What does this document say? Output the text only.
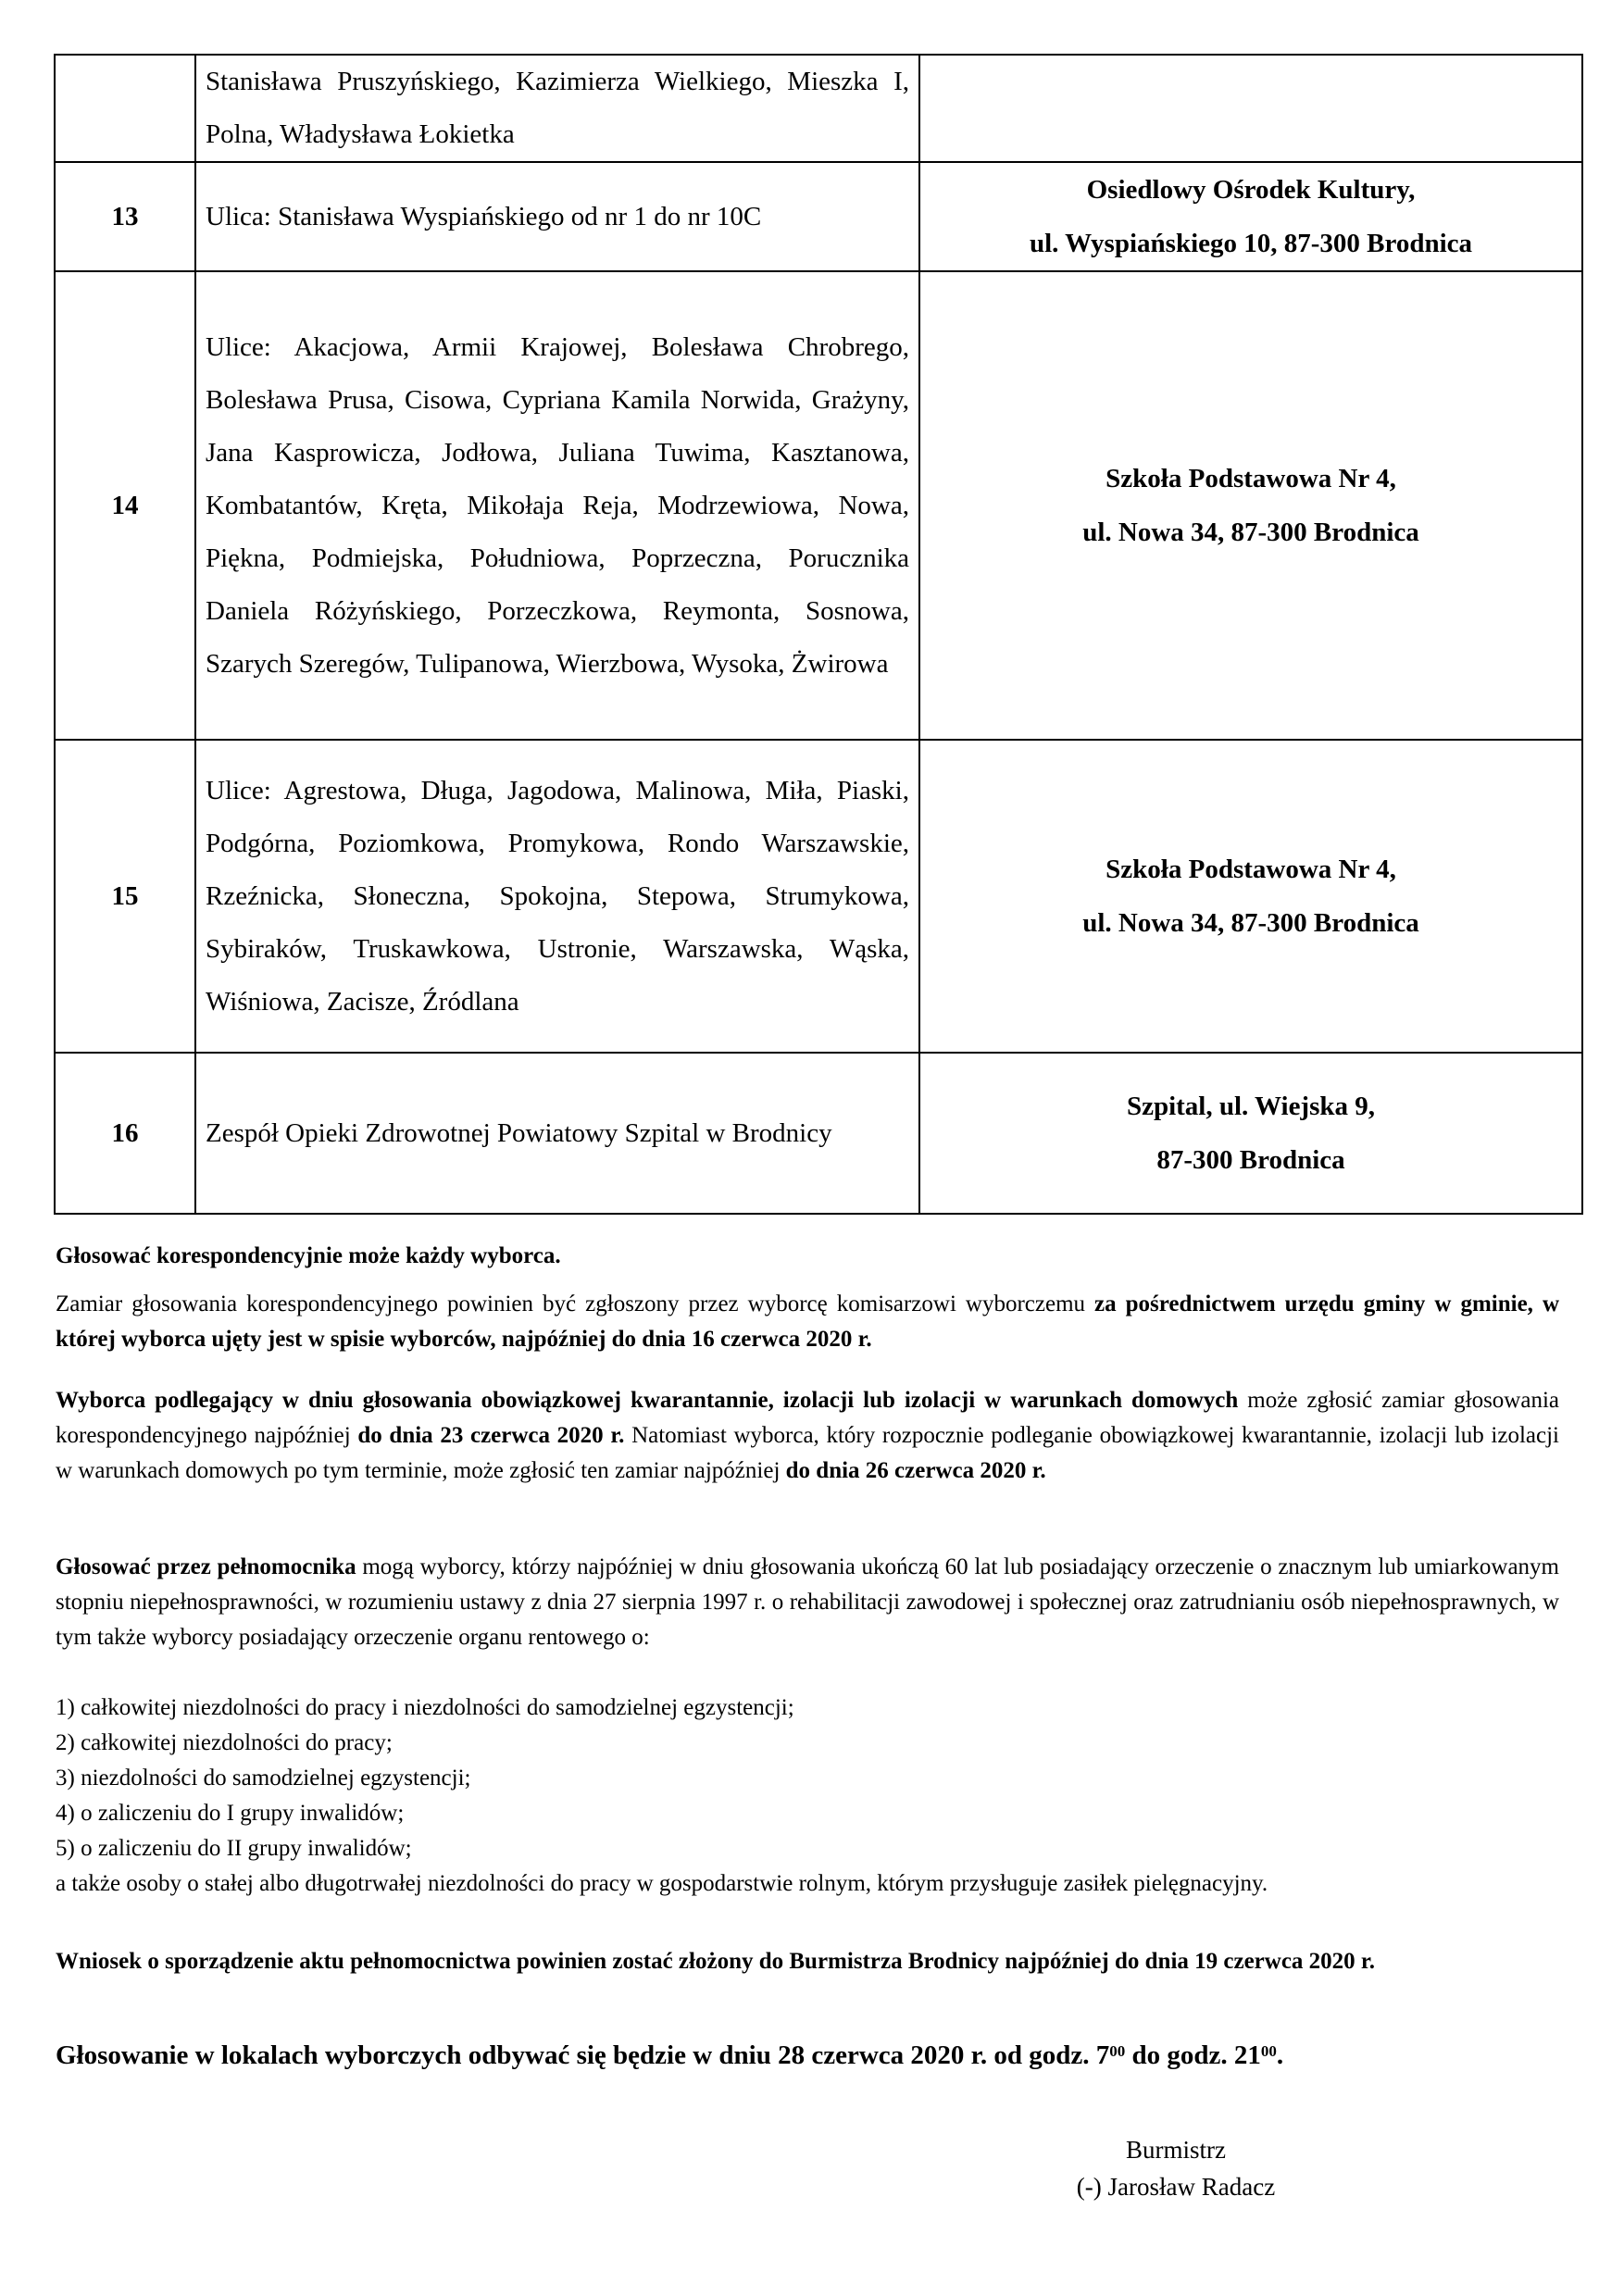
	Stanisława Pruszyńskiego, Kazimierza Wielkiego, Mieszka I, Polna, Władysława Łokietka	

13	Ulica: Stanisława Wyspiańskiego od nr 1 do nr 10C	Osiedlowy Ośrodek Kultury,
ul. Wyspiańskiego 10, 87-300 Brodnica

14	Ulice: Akacjowa, Armii Krajowej, Bolesława Chrobrego, Bolesława Prusa, Cisowa, Cypriana Kamila Norwida, Grażyny, Jana Kasprowicza, Jodłowa, Juliana Tuwima, Kasztanowa, Kombatantów, Kręta, Mikołaja Reja, Modrzewiowa, Nowa, Piękna, Podmiejska, Południowa, Poprzeczna, Porucznika Daniela Różyńskiego, Porzeczkowa, Reymonta, Sosnowa, Szarych Szeregów, Tulipanowa, Wierzbowa, Wysoka, Żwirowa	Szkoła Podstawowa Nr 4,
ul. Nowa 34, 87-300 Brodnica

15	Ulice: Agrestowa, Długa, Jagodowa, Malinowa, Miła, Piaski, Podgórna, Poziomkowa, Promykowa, Rondo Warszawskie, Rzeźnicka, Słoneczna, Spokojna, Stepowa, Strumykowa, Sybiraków, Truskawkowa, Ustronie, Warszawska, Wąska, Wiśniowa, Zacisze, Źródlana	Szkoła Podstawowa Nr 4,
ul. Nowa 34, 87-300 Brodnica

16	Zespół Opieki Zdrowotnej Powiatowy Szpital w Brodnicy	Szpital, ul. Wiejska 9,
87-300 Brodnica
Głosować korespondencyjnie może każdy wyborca.
Zamiar głosowania korespondencyjnego powinien być zgłoszony przez wyborcę komisarzowi wyborczemu za pośrednictwem urzędu gminy w gminie, w której wyborca ujęty jest w spisie wyborców, najpóźniej do dnia 16 czerwca 2020 r.
Wyborca podlegający w dniu głosowania obowiązkowej kwarantannie, izolacji lub izolacji w warunkach domowych może zgłosić zamiar głosowania korespondencyjnego najpóźniej do dnia 23 czerwca 2020 r. Natomiast wyborca, który rozpocznie podleganie obowiązkowej kwarantannie, izolacji lub izolacji w warunkach domowych po tym terminie, może zgłosić ten zamiar najpóźniej do dnia 26 czerwca 2020 r.
Głosować przez pełnomocnika mogą wyborcy, którzy najpóźniej w dniu głosowania ukończą 60 lat lub posiadający orzeczenie o znacznym lub umiarkowanym stopniu niepełnosprawności, w rozumieniu ustawy z dnia 27 sierpnia 1997 r. o rehabilitacji zawodowej i społecznej oraz zatrudnianiu osób niepełnosprawnych, w tym także wyborcy posiadający orzeczenie organu rentowego o:
1) całkowitej niezdolności do pracy i niezdolności do samodzielnej egzystencji;
2) całkowitej niezdolności do pracy;
3) niezdolności do samodzielnej egzystencji;
4) o zaliczeniu do I grupy inwalidów;
5) o zaliczeniu do II grupy inwalidów;
a także osoby o stałej albo długotrwałej niezdolności do pracy w gospodarstwie rolnym, którym przysługuje zasiłek pielęgnacyjny.
Wniosek o sporządzenie aktu pełnomocnictwa powinien zostać złożony do Burmistrza Brodnicy najpóźniej do dnia 19 czerwca 2020 r.
Głosowanie w lokalach wyborczych odbywać się będzie w dniu 28 czerwca 2020 r. od godz. $7^{00}$ do godz. $21^{00}$.
Burmistrz
(-) Jarosław Radacz
